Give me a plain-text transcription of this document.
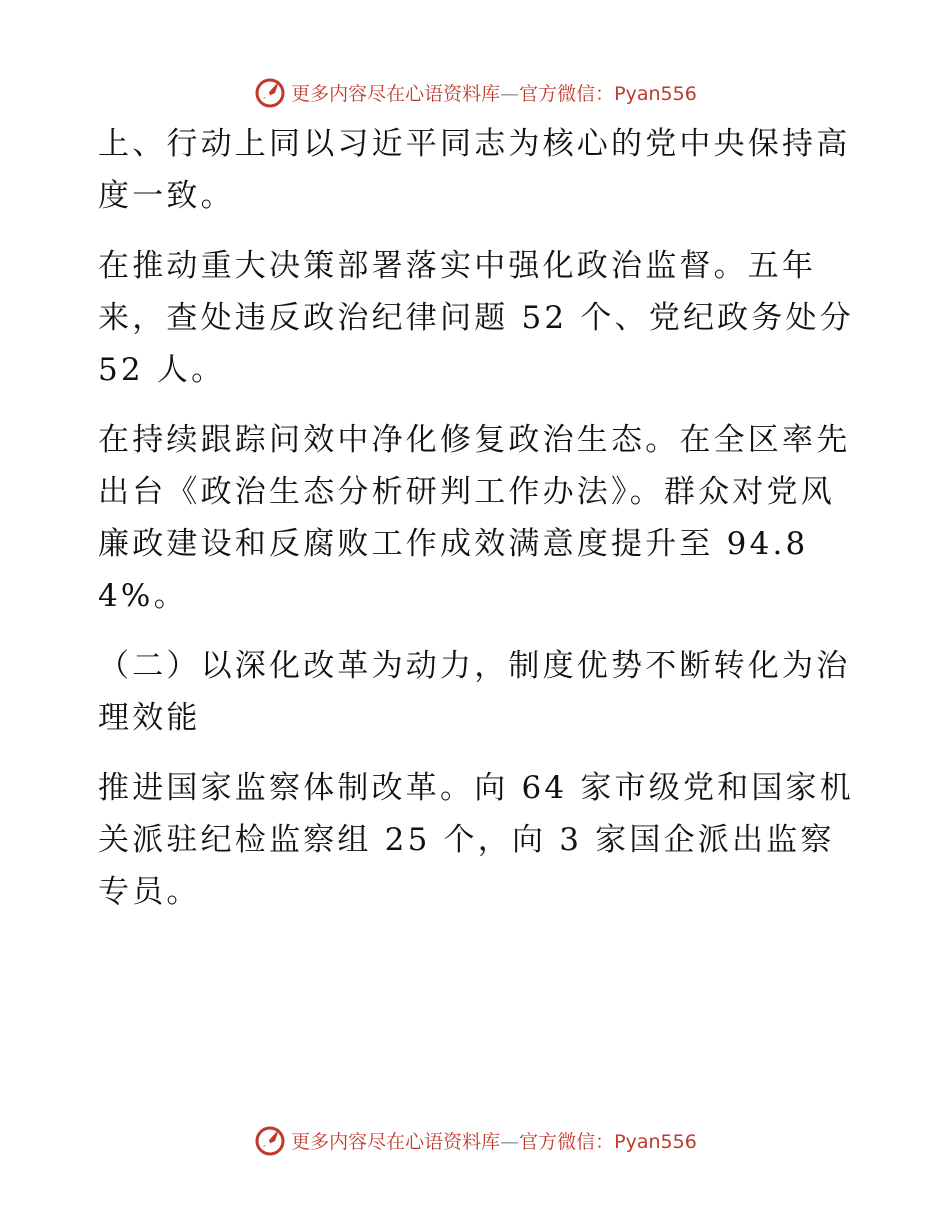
更多内容尽在心语资料库—官方微信：Pyan556

上、行动上同以习近平同志为核心的党中央保持高度一致。

在推动重大决策部署落实中强化政治监督。五年来，查处违反政治纪律问题 52 个、党纪政务处分 52 人。

在持续跟踪问效中净化修复政治生态。在全区率先出台《政治生态分析研判工作办法》。群众对党风廉政建设和反腐败工作成效满意度提升至 94.84%。

（二）以深化改革为动力，制度优势不断转化为治理效能

推进国家监察体制改革。向 64 家市级党和国家机关派驻纪检监察组 25 个，向 3 家国企派出监察专员。

更多内容尽在心语资料库—官方微信：Pyan556
